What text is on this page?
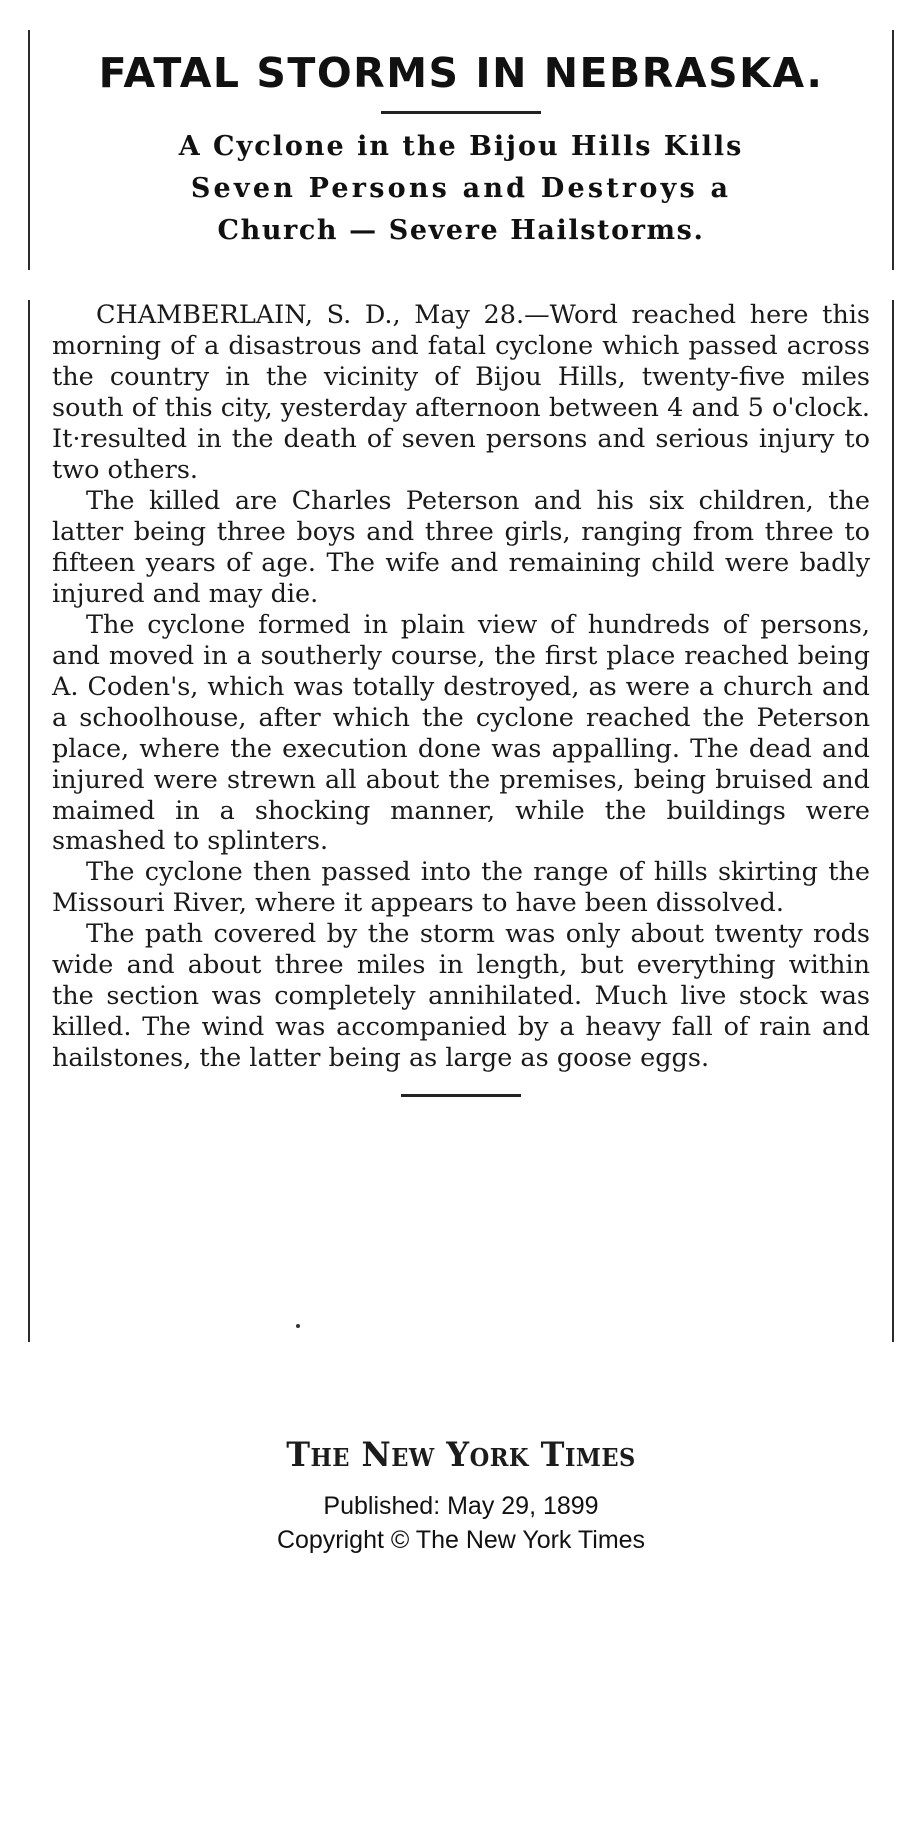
FATAL STORMS IN NEBRASKA.
A Cyclone in the Bijou Hills Kills
Seven Persons and Destroys a
Church — Severe Hailstorms.

CHAMBERLAIN, S. D., May 28.—Word reached here this morning of a disastrous and fatal cyclone which passed across the country in the vicinity of Bijou Hills, twenty-five miles south of this city, yesterday afternoon between 4 and 5 o'clock. It·resulted in the death of seven persons and serious injury to two others.

The killed are Charles Peterson and his six children, the latter being three boys and three girls, ranging from three to fifteen years of age. The wife and remaining child were badly injured and may die.

The cyclone formed in plain view of hundreds of persons, and moved in a southerly course, the first place reached being A. Coden's, which was totally destroyed, as were a church and a schoolhouse, after which the cyclone reached the Peterson place, where the execution done was appalling. The dead and injured were strewn all about the premises, being bruised and maimed in a shocking manner, while the buildings were smashed to splinters.

The cyclone then passed into the range of hills skirting the Missouri River, where it appears to have been dissolved.

The path covered by the storm was only about twenty rods wide and about three miles in length, but everything within the section was completely annihilated. Much live stock was killed. The wind was accompanied by a heavy fall of rain and hailstones, the latter being as large as goose eggs.

The New York Times
Published: May 29, 1899
Copyright © The New York Times
